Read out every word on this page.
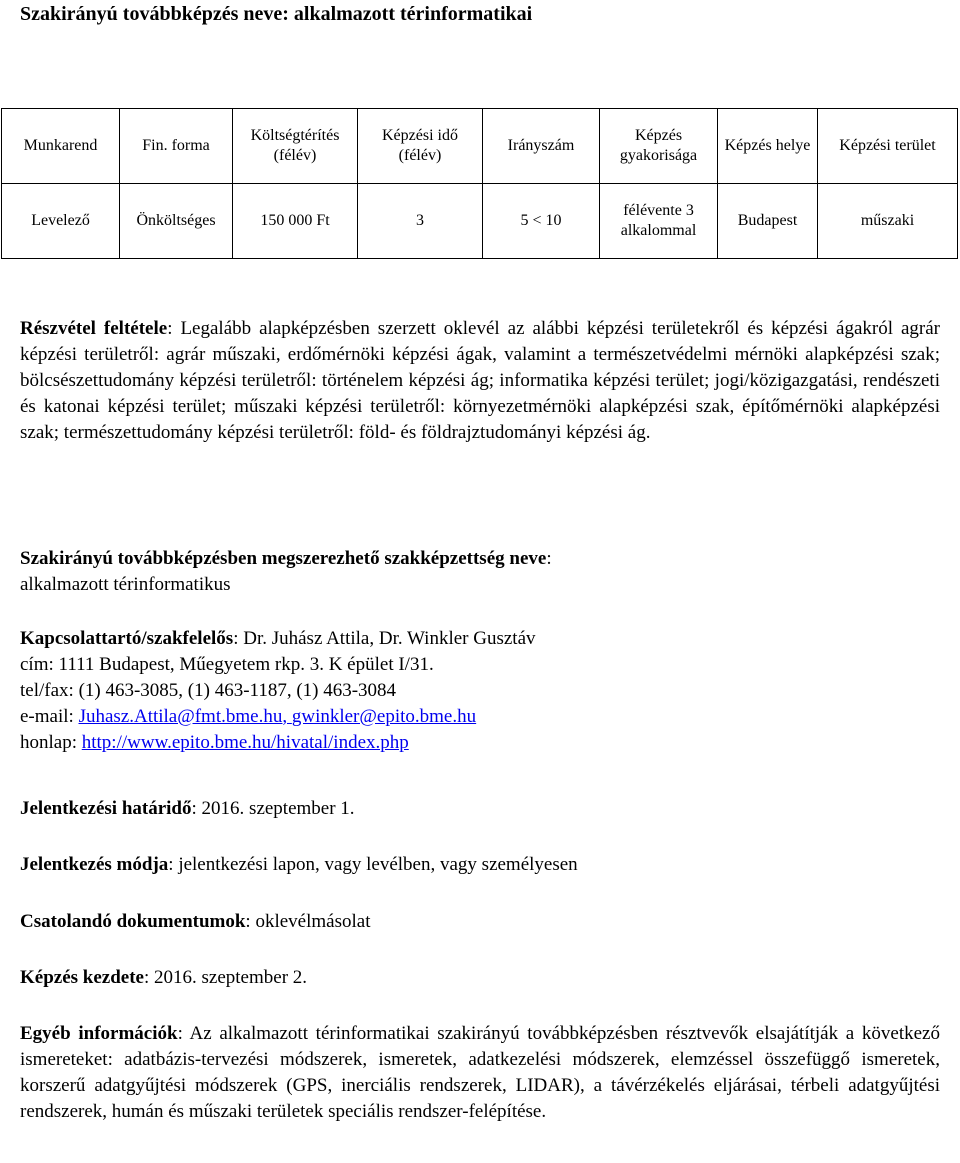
Szakirányú továbbképzés neve: alkalmazott térinformatikai
Munkarend	Fin. forma	Költségtérítés (félév)	Képzési idő (félév)	Irányszám	Képzés gyakorisága	Képzés helye	Képzési terület
Levelező	Önköltséges	150 000 Ft	3	5 < 10	félévente 3 alkalommal	Budapest	műszaki
Részvétel feltétele: Legalább alapképzésben szerzett oklevél az alábbi képzési területekről és képzési ágakról agrár képzési területről: agrár műszaki, erdőmérnöki képzési ágak, valamint a természetvédelmi mérnöki alapképzési szak; bölcsészettudomány képzési területről: történelem képzési ág; informatika képzési terület; jogi/közigazgatási, rendészeti és katonai képzési terület; műszaki képzési területről: környezetmérnöki alapképzési szak, építőmérnöki alapképzési szak; természettudomány képzési területről: föld- és földrajztudományi képzési ág.
Szakirányú továbbképzésben megszerezhető szakképzettség neve:
alkalmazott térinformatikus
Kapcsolattartó/szakfelelős: Dr. Juhász Attila, Dr. Winkler Gusztáv
cím: 1111 Budapest, Műegyetem rkp. 3. K épület I/31.
tel/fax: (1) 463-3085, (1) 463-1187, (1) 463-3084
e-mail: Juhasz.Attila@fmt.bme.hu, gwinkler@epito.bme.hu
honlap: http://www.epito.bme.hu/hivatal/index.php
Jelentkezési határidő: 2016. szeptember 1.
Jelentkezés módja: jelentkezési lapon, vagy levélben, vagy személyesen
Csatolandó dokumentumok: oklevélmásolat
Képzés kezdete: 2016. szeptember 2.
Egyéb információk: Az alkalmazott térinformatikai szakirányú továbbképzésben résztvevők elsajátítják a következő ismereteket: adatbázis-tervezési módszerek, ismeretek, adatkezelési módszerek, elemzéssel összefüggő ismeretek, korszerű adatgyűjtési módszerek (GPS, inerciális rendszerek, LIDAR), a távérzékelés eljárásai, térbeli adatgyűjtési rendszerek, humán és műszaki területek speciális rendszer-felépítése.
